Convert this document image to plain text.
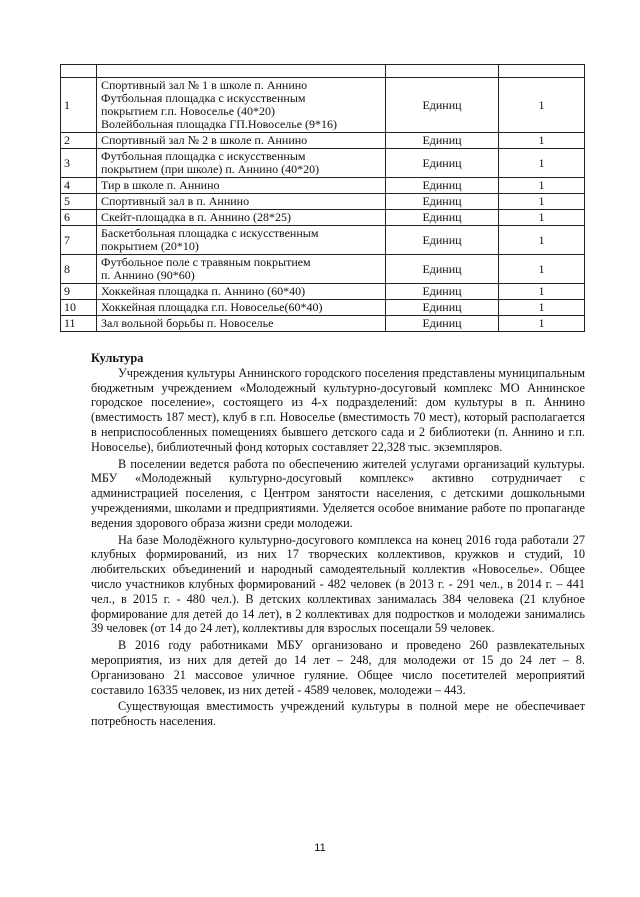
1	Спортивный зал № 1 в школе п. Аннино
Футбольная площадка с искусственным
покрытием г.п. Новоселье (40*20)
Волейбольная площадка ГП.Новоселье (9*16)	Единиц	1
2	Спортивный зал № 2 в школе п. Аннино	Единиц	1
3	Футбольная площадка с искусственным
покрытием (при школе) п. Аннино (40*20)	Единиц	1
4	Тир в школе п. Аннино	Единиц	1
5	Спортивный зал в п. Аннино	Единиц	1
6	Скейт-площадка в п. Аннино (28*25)	Единиц	1
7	Баскетбольная площадка с искусственным
покрытием (20*10)	Единиц	1
8	Футбольное поле с травяным покрытием
п. Аннино (90*60)	Единиц	1
9	Хоккейная площадка п. Аннино (60*40)	Единиц	1
10	Хоккейная площадка г.п. Новоселье(60*40)	Единиц	1
11	Зал вольной борьбы п. Новоселье	Единиц	1
Культура

Учреждения культуры Аннинского городского поселения представлены муниципальным бюджетным учреждением «Молодежный культурно-досуговый комплекс МО Аннинское городское поселение», состоящего из 4-х подразделений: дом культуры в п. Аннино (вместимость 187 мест), клуб в г.п. Новоселье (вместимость 70 мест), который располагается в неприспособленных помещениях бывшего детского сада и 2 библиотеки (п. Аннино и г.п. Новоселье), библиотечный фонд которых составляет 22,328 тыс. экземпляров.

В поселении ведется работа по обеспечению жителей услугами организаций культуры. МБУ «Молодежный культурно-досуговый комплекс» активно сотрудничает с администрацией поселения, с Центром занятости населения, с детскими дошкольными учреждениями, школами и предприятиями. Уделяется особое внимание работе по пропаганде ведения здорового образа жизни среди молодежи.

На базе Молодёжного культурно-досугового комплекса на конец 2016 года работали 27 клубных формирований, из них 17 творческих коллективов, кружков и студий, 10 любительских объединений и народный самодеятельный коллектив «Новоселье». Общее число участников клубных формирований - 482 человек (в 2013 г. - 291 чел., в 2014 г. – 441 чел., в 2015 г. - 480 чел.). В детских коллективах занималась 384 человека (21 клубное формирование для детей до 14 лет), в 2 коллективах для подростков и молодежи занимались 39 человек (от 14 до 24 лет), коллективы для взрослых посещали 59 человек.

В 2016 году работниками МБУ организовано и проведено 260 развлекательных мероприятия, из них для детей до 14 лет – 248, для молодежи от 15 до 24 лет – 8. Организовано 21 массовое уличное гуляние. Общее число посетителей мероприятий составило 16335 человек, из них детей - 4589 человек, молодежи – 443.

Существующая вместимость учреждений культуры в полной мере не обеспечивает потребность населения.

11
